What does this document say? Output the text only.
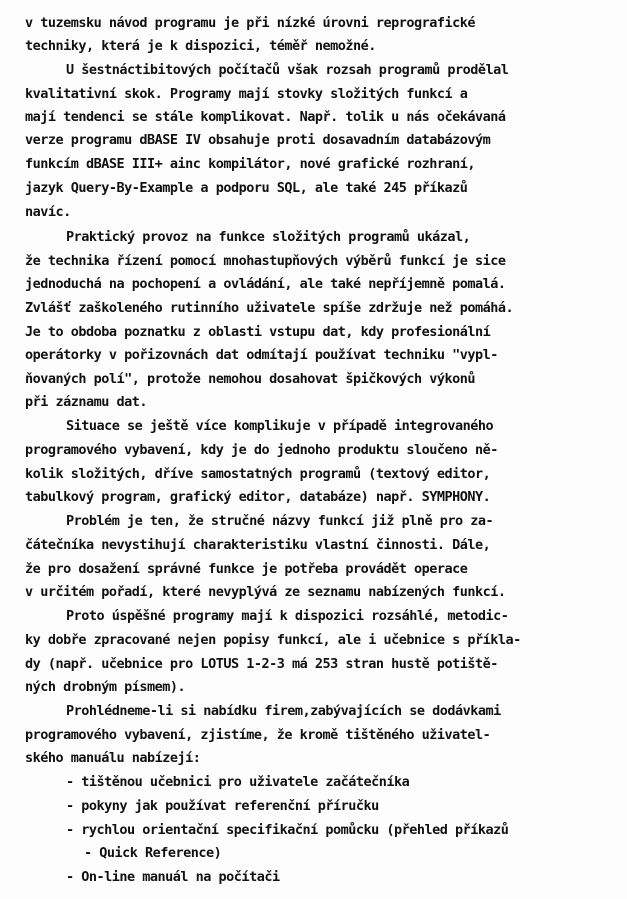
v tuzemsku návod programu je při nízké úrovni reprografické
techniky, která je k dispozici, téměř nemožné.
U šestnáctibitových počítačů však rozsah programů prodělal
kvalitativní skok. Programy mají stovky složitých funkcí a
mají tendenci se stále komplikovat. Např. tolik u nás očekávaná
verze programu dBASE IV obsahuje proti dosavadním databázovým
funkcím dBASE III+ ainc kompilátor, nové grafické rozhraní,
jazyk Query-By-Example a podporu SQL, ale také 245 příkazů
navíc.
Praktický provoz na funkce složitých programů ukázal,
že technika řízení pomocí mnohastupňových výběrů funkcí je sice
jednoduchá na pochopení a ovládání, ale také nepříjemně pomalá.
Zvlášť zaškoleného rutinního uživatele spíše zdržuje než pomáhá.
Je to obdoba poznatku z oblasti vstupu dat, kdy profesionální
operátorky v pořizovnách dat odmítají používat techniku "vypl-
ňovaných polí", protože nemohou dosahovat špičkových výkonů
při záznamu dat.
Situace se ještě více komplikuje v případě integrovaného
programového vybavení, kdy je do jednoho produktu sloučeno ně-
kolik složitých, dříve samostatných programů (textový editor,
tabulkový program, grafický editor, databáze) např. SYMPHONY.
Problém je ten, že stručné názvy funkcí již plně pro za-
čátečníka nevystihují charakteristiku vlastní činnosti. Dále,
že pro dosažení správné funkce je potřeba provádět operace
v určitém pořadí, které nevyplývá ze seznamu nabízených funkcí.
Proto úspěšné programy mají k dispozici rozsáhlé, metodic-
ky dobře zpracované nejen popisy funkcí, ale i učebnice s příkla-
dy (např. učebnice pro LOTUS 1-2-3 má 253 stran hustě potiště-
ných drobným písmem).
Prohlédneme-li si nabídku firem,zabývajících se dodávkami
programového vybavení, zjistíme, že kromě tištěného uživatel-
ského manuálu nabízejí:
- tištěnou učebnici pro uživatele začátečníka
- pokyny jak používat referenční příručku
- rychlou orientační specifikační pomůcku (přehled příkazů
- Quick Reference)
- On-line manuál na počítači
